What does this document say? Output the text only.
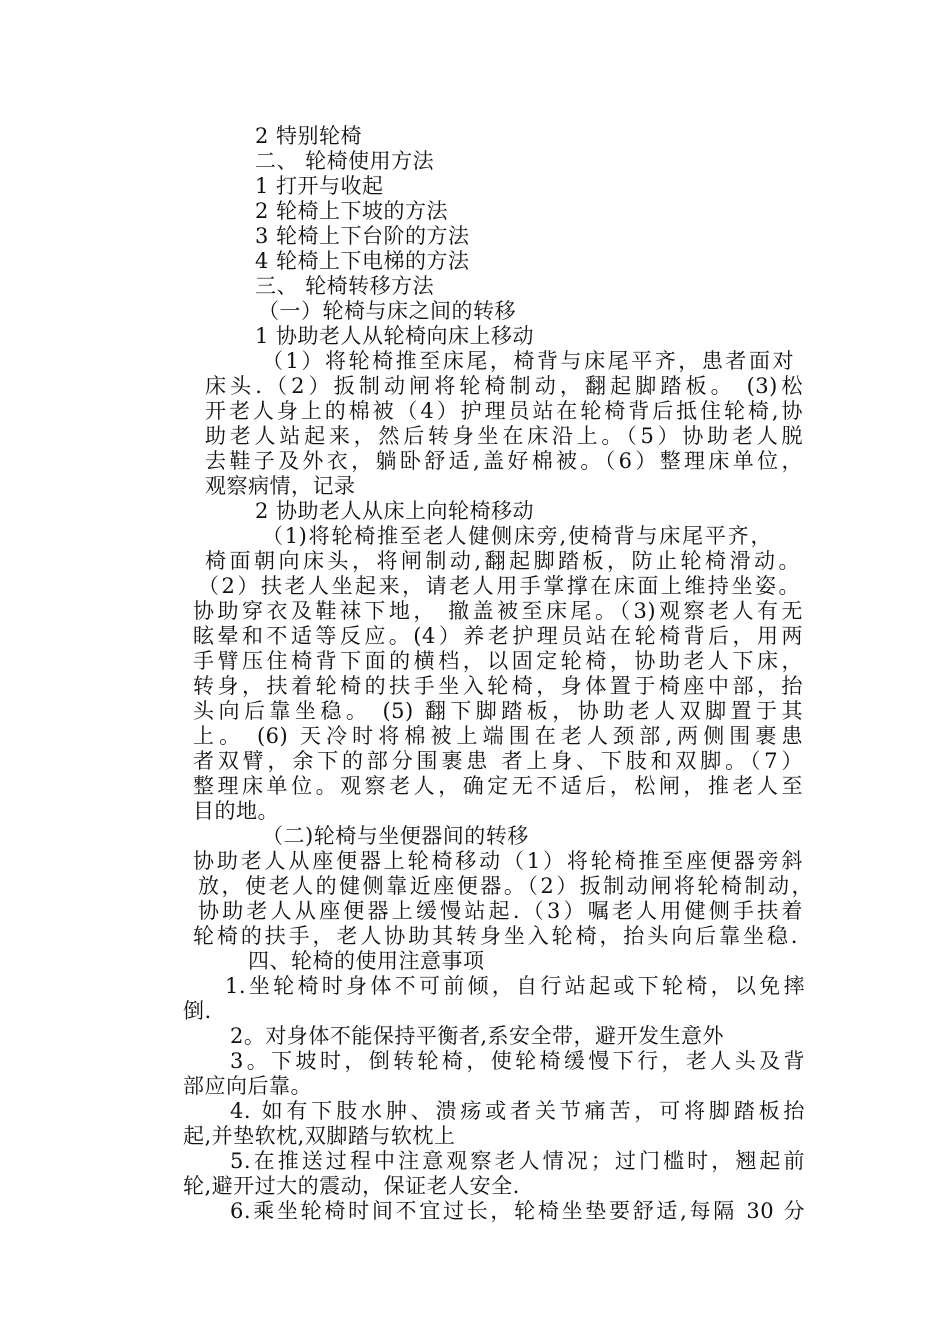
2 特别轮椅
二、 轮椅使用方法
1 打开与收起
2 轮椅上下坡的方法
3 轮椅上下台阶的方法
4 轮椅上下电梯的方法
三、 轮椅转移方法
（一）轮椅与床之间的转移
1 协助老人从轮椅向床上移动
（1）将轮椅推至床尾，椅背与床尾平齐，患者面对
床头.（2）扳制动闸将轮椅制动，翻起脚踏板。 (3)松
开老人身上的棉被（4）护理员站在轮椅背后抵住轮椅,协
助老人站起来，然后转身坐在床沿上。（5）协助老人脱
去鞋子及外衣，躺卧舒适,盖好棉被。（6）整理床单位，
观察病情，记录
2 协助老人从床上向轮椅移动
（1)将轮椅推至老人健侧床旁,使椅背与床尾平齐，
椅面朝向床头，将闸制动,翻起脚踏板，防止轮椅滑动。
（2）扶老人坐起来，请老人用手掌撑在床面上维持坐姿。
协助穿衣及鞋袜下地， 撤盖被至床尾。（3)观察老人有无
眩晕和不适等反应。(4）养老护理员站在轮椅背后，用两
手臂压住椅背下面的横档，以固定轮椅，协助老人下床，
转身，扶着轮椅的扶手坐入轮椅，身体置于椅座中部，抬
头向后靠坐稳。 (5) 翻下脚踏板，协助老人双脚置于其
上。 (6) 天冷时将棉被上端围在老人颈部,两侧围裹患
者双臂，余下的部分围裹患 者上身、下肢和双脚。（7）
整理床单位。观察老人，确定无不适后，松闸，推老人至
目的地。
（二)轮椅与坐便器间的转移
协助老人从座便器上轮椅移动（1）将轮椅推至座便器旁斜
放，使老人的健侧靠近座便器。（2）扳制动闸将轮椅制动，
协助老人从座便器上缓慢站起.（3）嘱老人用健侧手扶着
轮椅的扶手，老人协助其转身坐入轮椅，抬头向后靠坐稳.
四、轮椅的使用注意事项
1.坐轮椅时身体不可前倾，自行站起或下轮椅，以免摔
倒.
2。对身体不能保持平衡者,系安全带，避开发生意外
3。下坡时，倒转轮椅，使轮椅缓慢下行，老人头及背
部应向后靠。
4. 如有下肢水肿、溃疡或者关节痛苦，可将脚踏板抬
起,并垫软枕,双脚踏与软枕上
5.在推送过程中注意观察老人情况；过门槛时，翘起前
轮,避开过大的震动，保证老人安全.
6.乘坐轮椅时间不宜过长，轮椅坐垫要舒适,每隔 30 分
